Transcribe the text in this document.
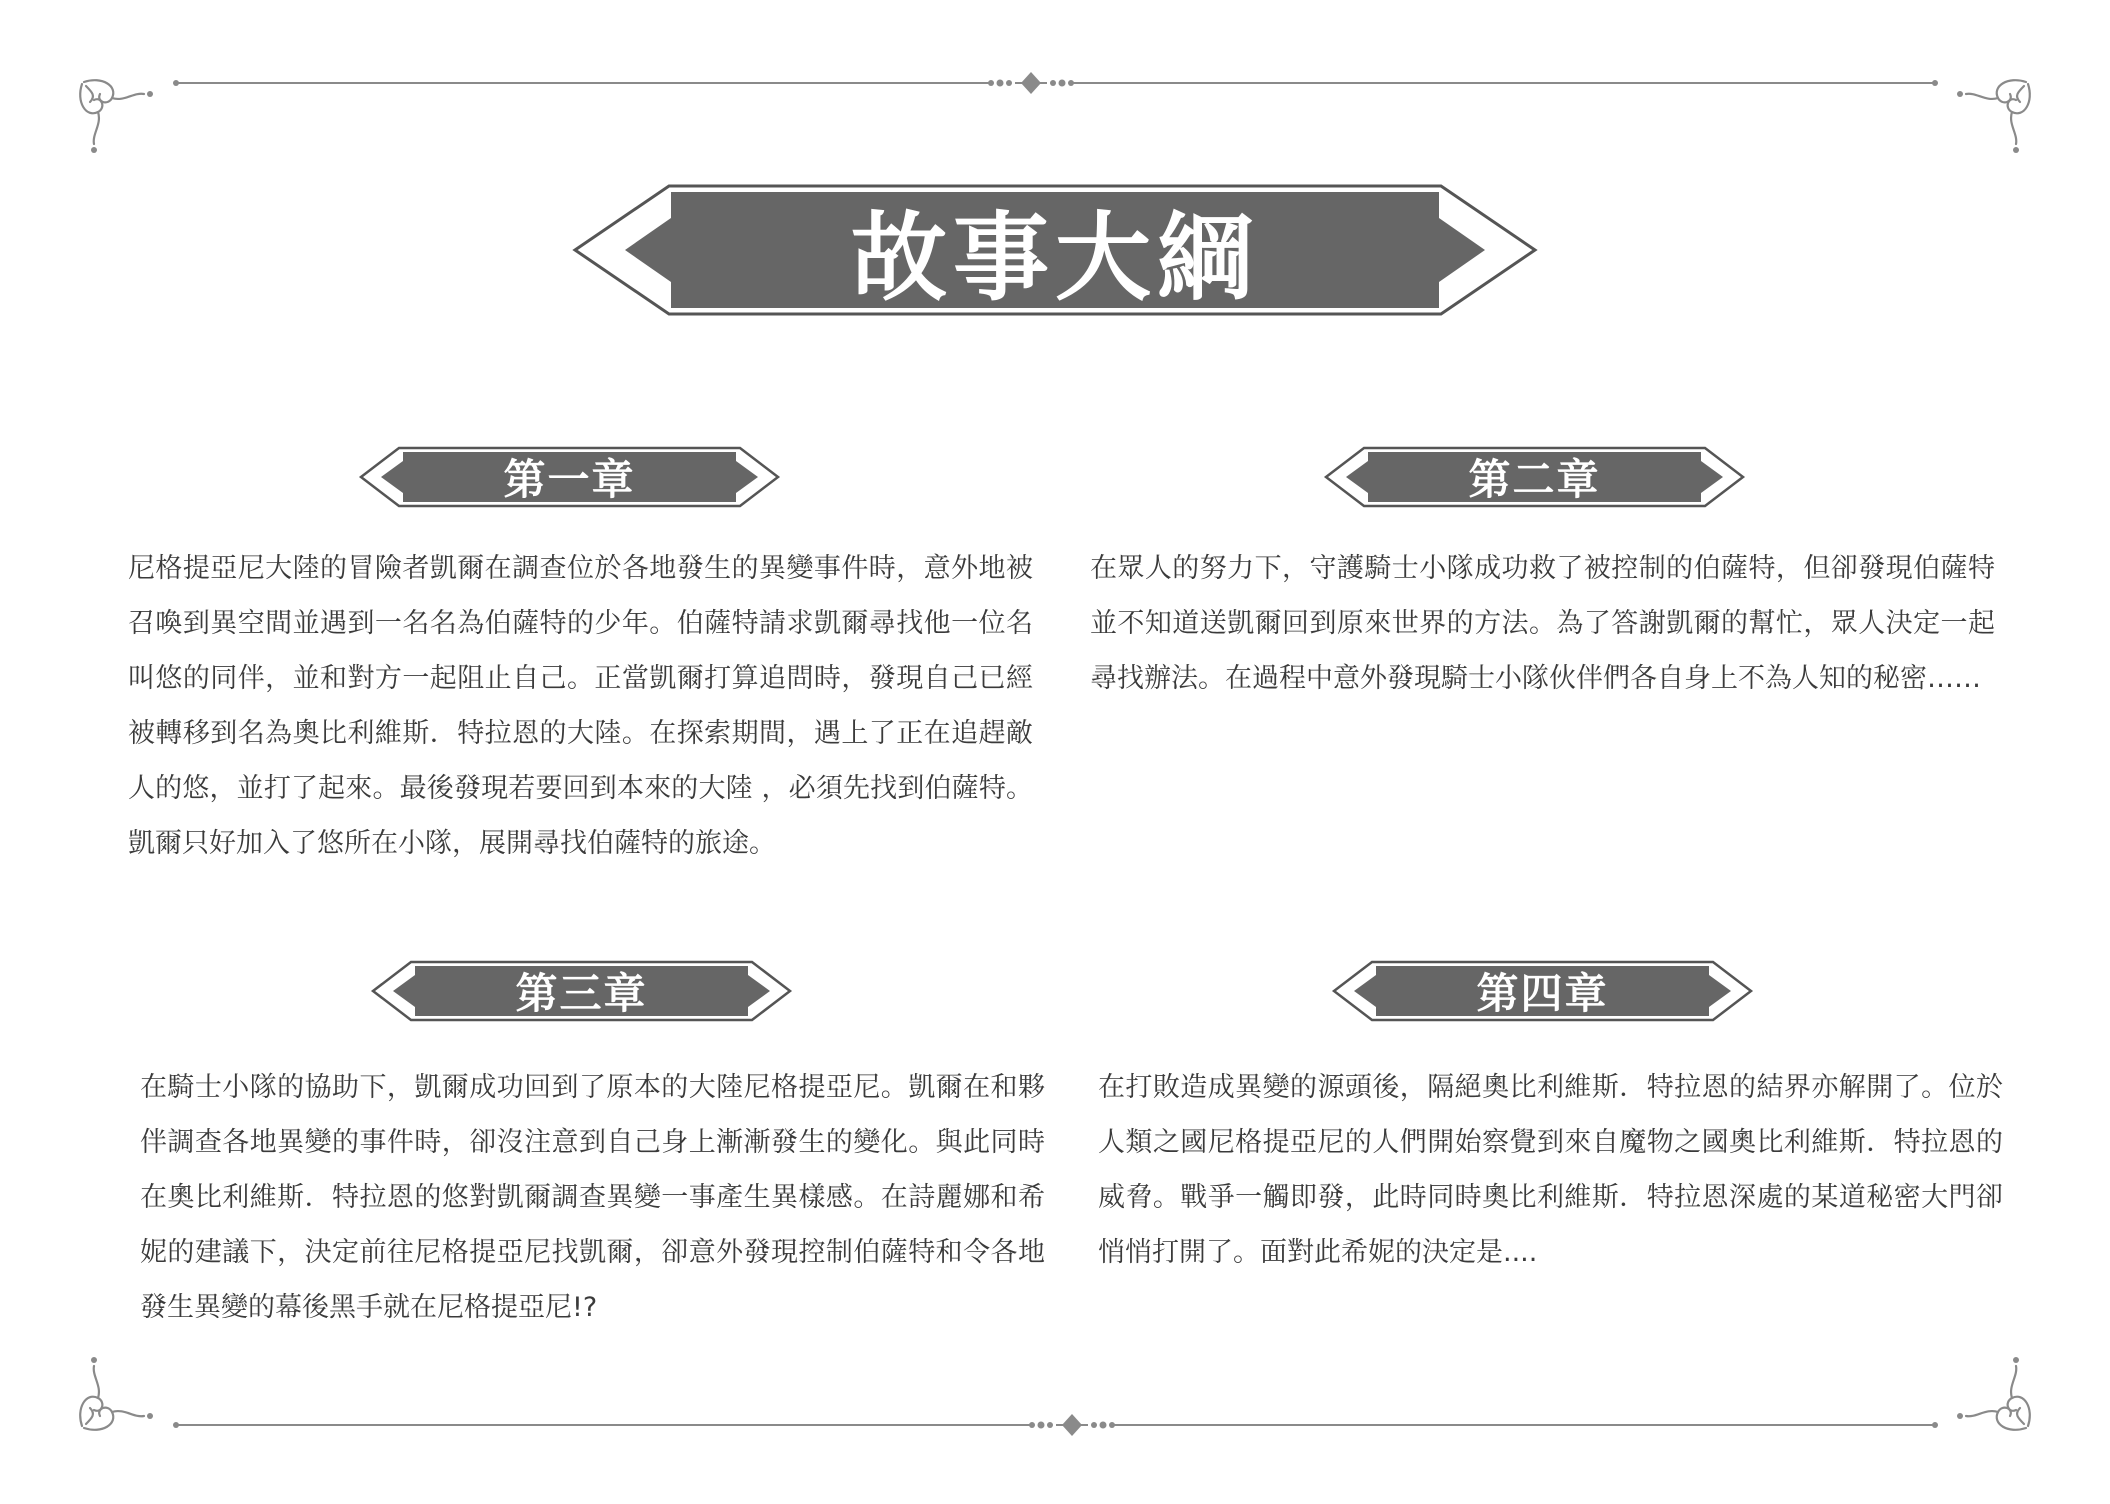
故事大綱
第一章

尼格提亞尼大陸的冒險者凱爾在調查位於各地發生的異變事件時，意外地被召喚到異空間並遇到一名名為伯薩特的少年。伯薩特請求凱爾尋找他一位名叫悠的同伴，並和對方一起阻止自己。正當凱爾打算追問時，發現自己已經被轉移到名為奧比利維斯．特拉恩的大陸。在探索期間，遇上了正在追趕敵人的悠，並打了起來。最後發現若要回到本來的大陸 ，必須先找到伯薩特。凱爾只好加入了悠所在小隊，展開尋找伯薩特的旅途。

第二章

在眾人的努力下，守護騎士小隊成功救了被控制的伯薩特，但卻發現伯薩特並不知道送凱爾回到原來世界的方法。為了答謝凱爾的幫忙，眾人決定一起尋找辦法。在過程中意外發現騎士小隊伙伴們各自身上不為人知的秘密……

第三章

在騎士小隊的協助下，凱爾成功回到了原本的大陸尼格提亞尼。凱爾在和夥伴調查各地異變的事件時，卻沒注意到自己身上漸漸發生的變化。與此同時在奧比利維斯．特拉恩的悠對凱爾調查異變一事產生異樣感。在詩麗娜和希妮的建議下，決定前往尼格提亞尼找凱爾，卻意外發現控制伯薩特和令各地發生異變的幕後黑手就在尼格提亞尼!?

第四章

在打敗造成異變的源頭後，隔絕奧比利維斯．特拉恩的結界亦解開了。位於人類之國尼格提亞尼的人們開始察覺到來自魔物之國奧比利維斯．特拉恩的威脅。戰爭一觸即發，此時同時奧比利維斯．特拉恩深處的某道秘密大門卻悄悄打開了。面對此希妮的決定是....
